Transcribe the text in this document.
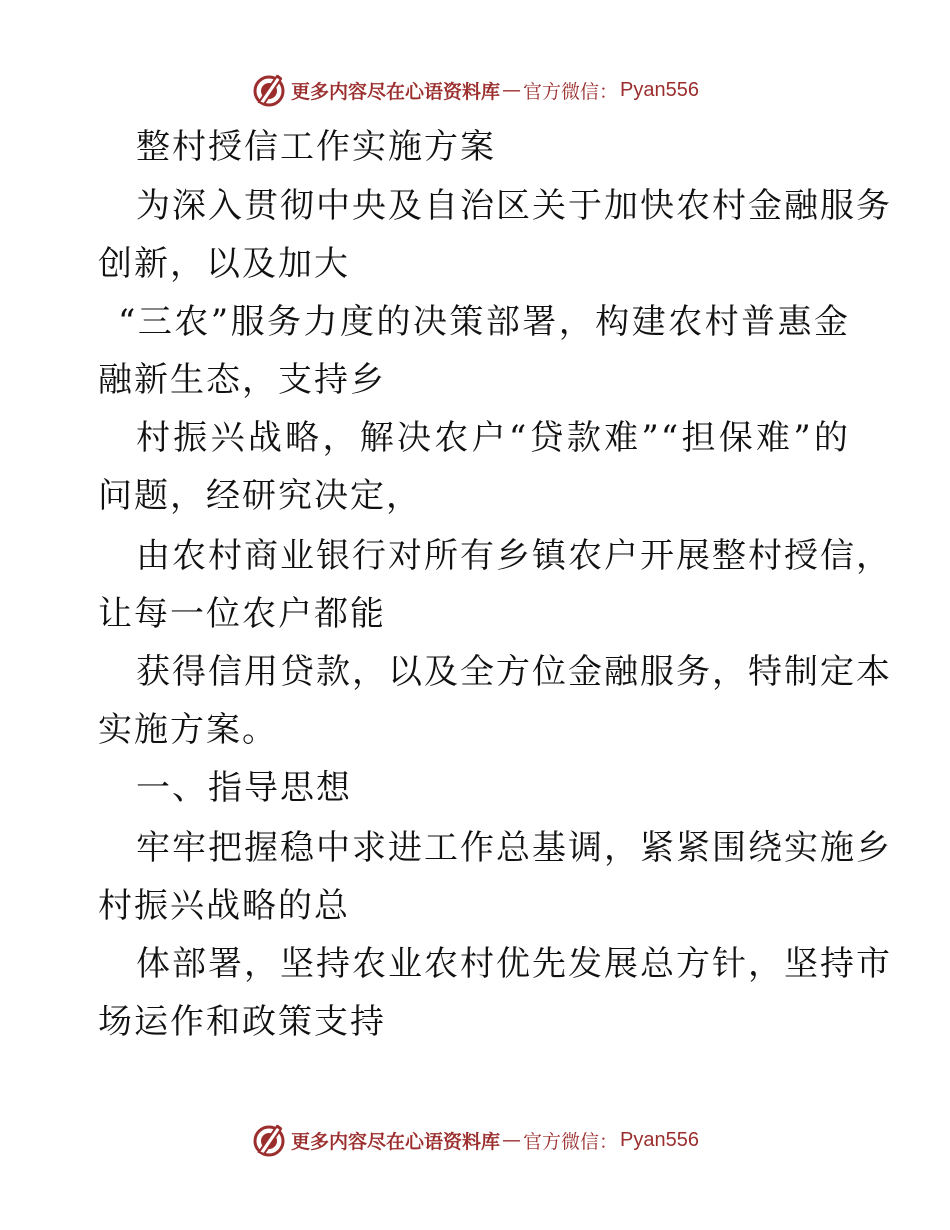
更多内容尽在心语资料库 — 官方微信： Pyan556
整村授信工作实施方案
为深入贯彻中央及自治区关于加快农村金融服务
创新，以及加大
“三农”服务力度的决策部署，构建农村普惠金
融新生态，支持乡
村振兴战略，解决农户“贷款难”“担保难”的
问题，经研究决定，
由农村商业银行对所有乡镇农户开展整村授信，
让每一位农户都能
获得信用贷款，以及全方位金融服务，特制定本
实施方案。
一、指导思想
牢牢把握稳中求进工作总基调，紧紧围绕实施乡
村振兴战略的总
体部署，坚持农业农村优先发展总方针，坚持市
场运作和政策支持
更多内容尽在心语资料库 — 官方微信： Pyan556
